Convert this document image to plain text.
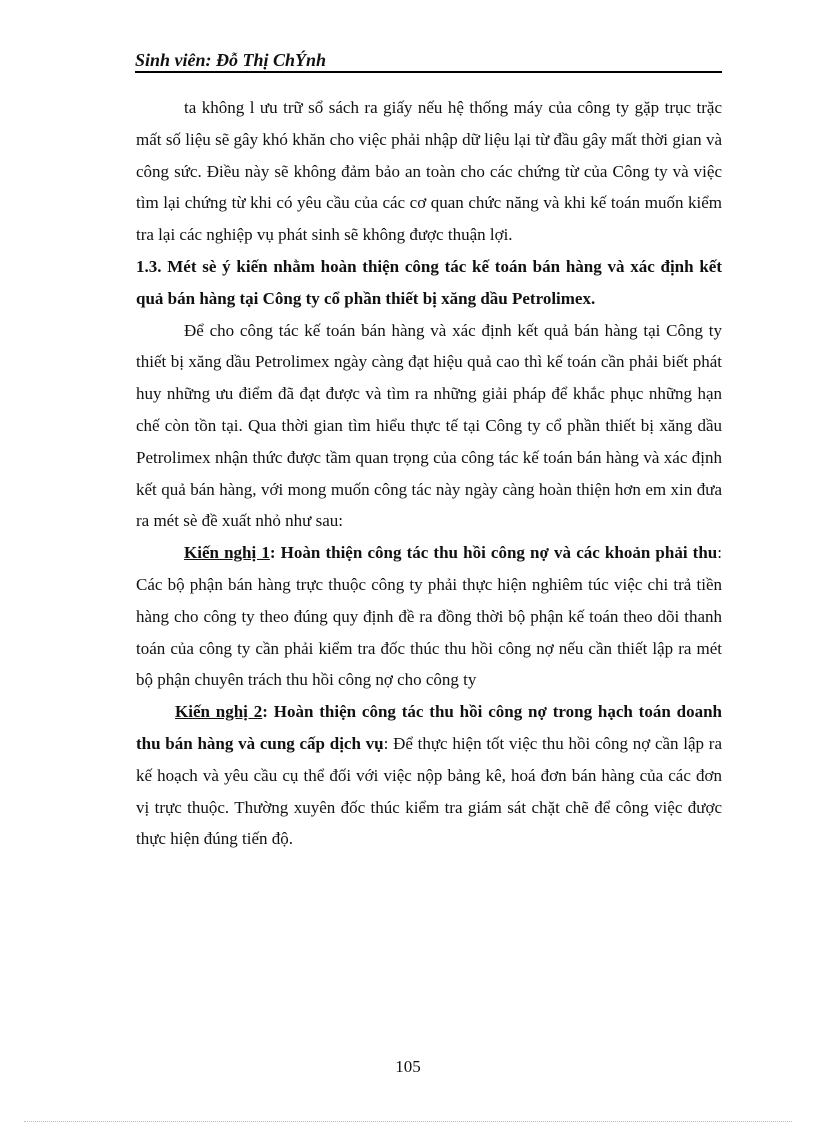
Sinh viên: Đỗ Thị ChÝnh

ta không l ưu trữ sổ sách ra giấy nếu hệ thống máy của công ty gặp trục trặc mất số liệu sẽ gây khó khăn cho việc phải nhập dữ liệu lại từ đầu gây mất thời gian và công sức. Điều này sẽ không đảm bảo an toàn cho các chứng từ của Công ty và việc tìm lại chứng từ khi có yêu cầu của các cơ quan chức năng và khi kế toán muốn kiểm tra lại các nghiệp vụ phát sinh sẽ không được thuận lợi.

1.3. Mét sè ý kiến nhằm hoàn thiện công tác kế toán bán hàng và xác định kết quả bán hàng tại Công ty cổ phần thiết bị xăng dầu Petrolimex.

Để cho công tác kế toán bán hàng và xác định kết quả bán hàng tại Công ty thiết bị xăng dầu Petrolimex ngày càng đạt hiệu quả cao thì kế toán cần phải biết phát huy những ưu điểm đã đạt được và tìm ra những giải pháp để khắc phục những hạn chế còn tồn tại. Qua thời gian tìm hiểu thực tế tại Công ty cổ phần thiết bị xăng dầu Petrolimex nhận thức được tầm quan trọng của công tác kế toán bán hàng và xác định kết quả bán hàng, với mong muốn công tác này ngày càng hoàn thiện hơn em xin đưa ra mét sè đề xuất nhỏ như sau:

Kiến nghị 1: Hoàn thiện công tác thu hồi công nợ và các khoản phải thu: Các bộ phận bán hàng trực thuộc công ty phải thực hiện nghiêm túc việc chi trả tiền hàng cho công ty theo đúng quy định đề ra đồng thời bộ phận kế toán theo dõi thanh toán của công ty cần phải kiểm tra đốc thúc thu hồi công nợ nếu cần thiết lập ra mét bộ phận chuyên trách thu hồi công nợ cho công ty

Kiến nghị 2: Hoàn thiện công tác thu hồi công nợ trong hạch toán doanh thu bán hàng và cung cấp dịch vụ: Để thực hiện tốt việc thu hồi công nợ cần lập ra kế hoạch và yêu cầu cụ thể đối với việc nộp bảng kê, hoá đơn bán hàng của các đơn vị trực thuộc. Thường xuyên đốc thúc kiểm tra giám sát chặt chẽ để công việc được thực hiện đúng tiến độ.

105
